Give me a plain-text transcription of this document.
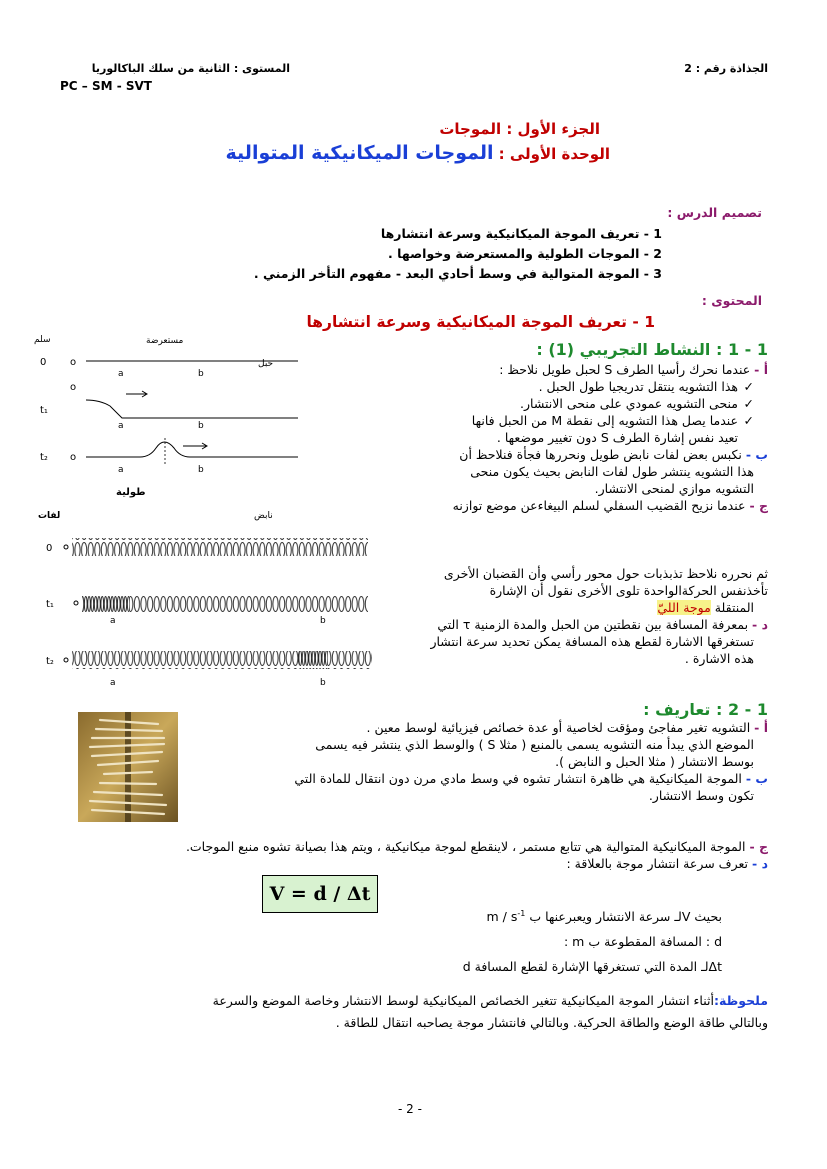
المستوى : الثانية من سلك الباكالوريا
PC – SM - SVT
الجذاذة رقم : 2
الجزء الأول : الموجات
الوحدة الأولى : الموجات الميكانيكية المتوالية
تصميم الدرس :
1 - تعريف الموجة الميكانيكية وسرعة انتشارها
2 - الموجات الطولية والمستعرضة وخواصها .
3 - الموجة المتوالية في وسط أحادي البعد - مفهوم التأخر الزمني .
المحتوى :
1 - تعريف الموجة الميكانيكية وسرعة انتشارها
1 - 1 : النشاط التجريبي (1) :
أ - عندما نحرك رأسيا الطرف S لحبل طويل نلاحظ :
✓ هذا التشويه ينتقل تدريجيا طول الحبل .
✓ منحى التشويه عمودي على منحى الانتشار.
✓ عندما يصل هذا التشويه إلى نقطة M من الحبل فانها
تعيد نفس إشارة الطرف S دون تغيير موضعها .
ب - نكبس بعض لفات نابض طويل ونحررها فجأة فنلاحظ أن
هذا التشويه ينتشر طول لفات النابض بحيث يكون منحى
التشويه موازي لمنحى الانتشار.
ج - عندما نزيح القضيب السفلي لسلم البيغاءعن موضع توازنه
ثم نحرره نلاحظ تذبذبات حول محور رأسي وأن القضبان الأخرى
تأخذنفس الحركةالواحدة تلوى الأخرى نقول أن الإشارة
المنتقلة موجة الليّ
د - بمعرفة المسافة بين نقطتين من الحبل والمدة الزمنية τ التي
تستغرقها الاشارة لقطع هذه المسافة يمكن تحديد سرعة انتشار
هذه الاشارة .
سلم	مستعرضة
حبل
0 o
a	b
o
t₁
a	b
t₂ o
a	b
طولية
لفات	نابض
0
t₁
a	b
t₂
a	b
1 - 2 : تعاريف :
أ - التشويه تغير مفاجئ ومؤقت لخاصية أو عدة خصائص فيزيائية لوسط معين .
الموضع الذي يبدأ منه التشويه يسمى بالمنبع ( مثلا S ) والوسط الذي ينتشر فيه يسمى
بوسط الانتشار ( مثلا الحبل و النابض ).
ب - الموجة الميكانيكية هي ظاهرة انتشار تشوه في وسط مادي مرن دون انتقال للمادة التي
تكون وسط الانتشار.
ج - الموجة الميكانيكية المتوالية هي تتابع مستمر ، لاينقطع لموجة ميكانيكية ، ويتم هذا بصيانة تشوه منبع الموجات.
د - تعرف سرعة انتشار موجة بالعلاقة :
V = d / Δt
بحيث Vلـ سرعة الانتشار ويعبرعنها ب m / $s^{-1}$
d : المسافة المقطوعة ب m :
Δtلـ المدة التي تستغرقها الإشارة لقطع المسافة d
ملحوظة:أثناء انتشار الموجة الميكانيكية تتغير الخصائص الميكانيكية لوسط الانتشار وخاصة الموضع والسرعة
وبالتالي طاقة الوضع والطاقة الحركية. وبالتالي فانتشار موجة يصاحبه انتقال للطاقة .
- 2 -
